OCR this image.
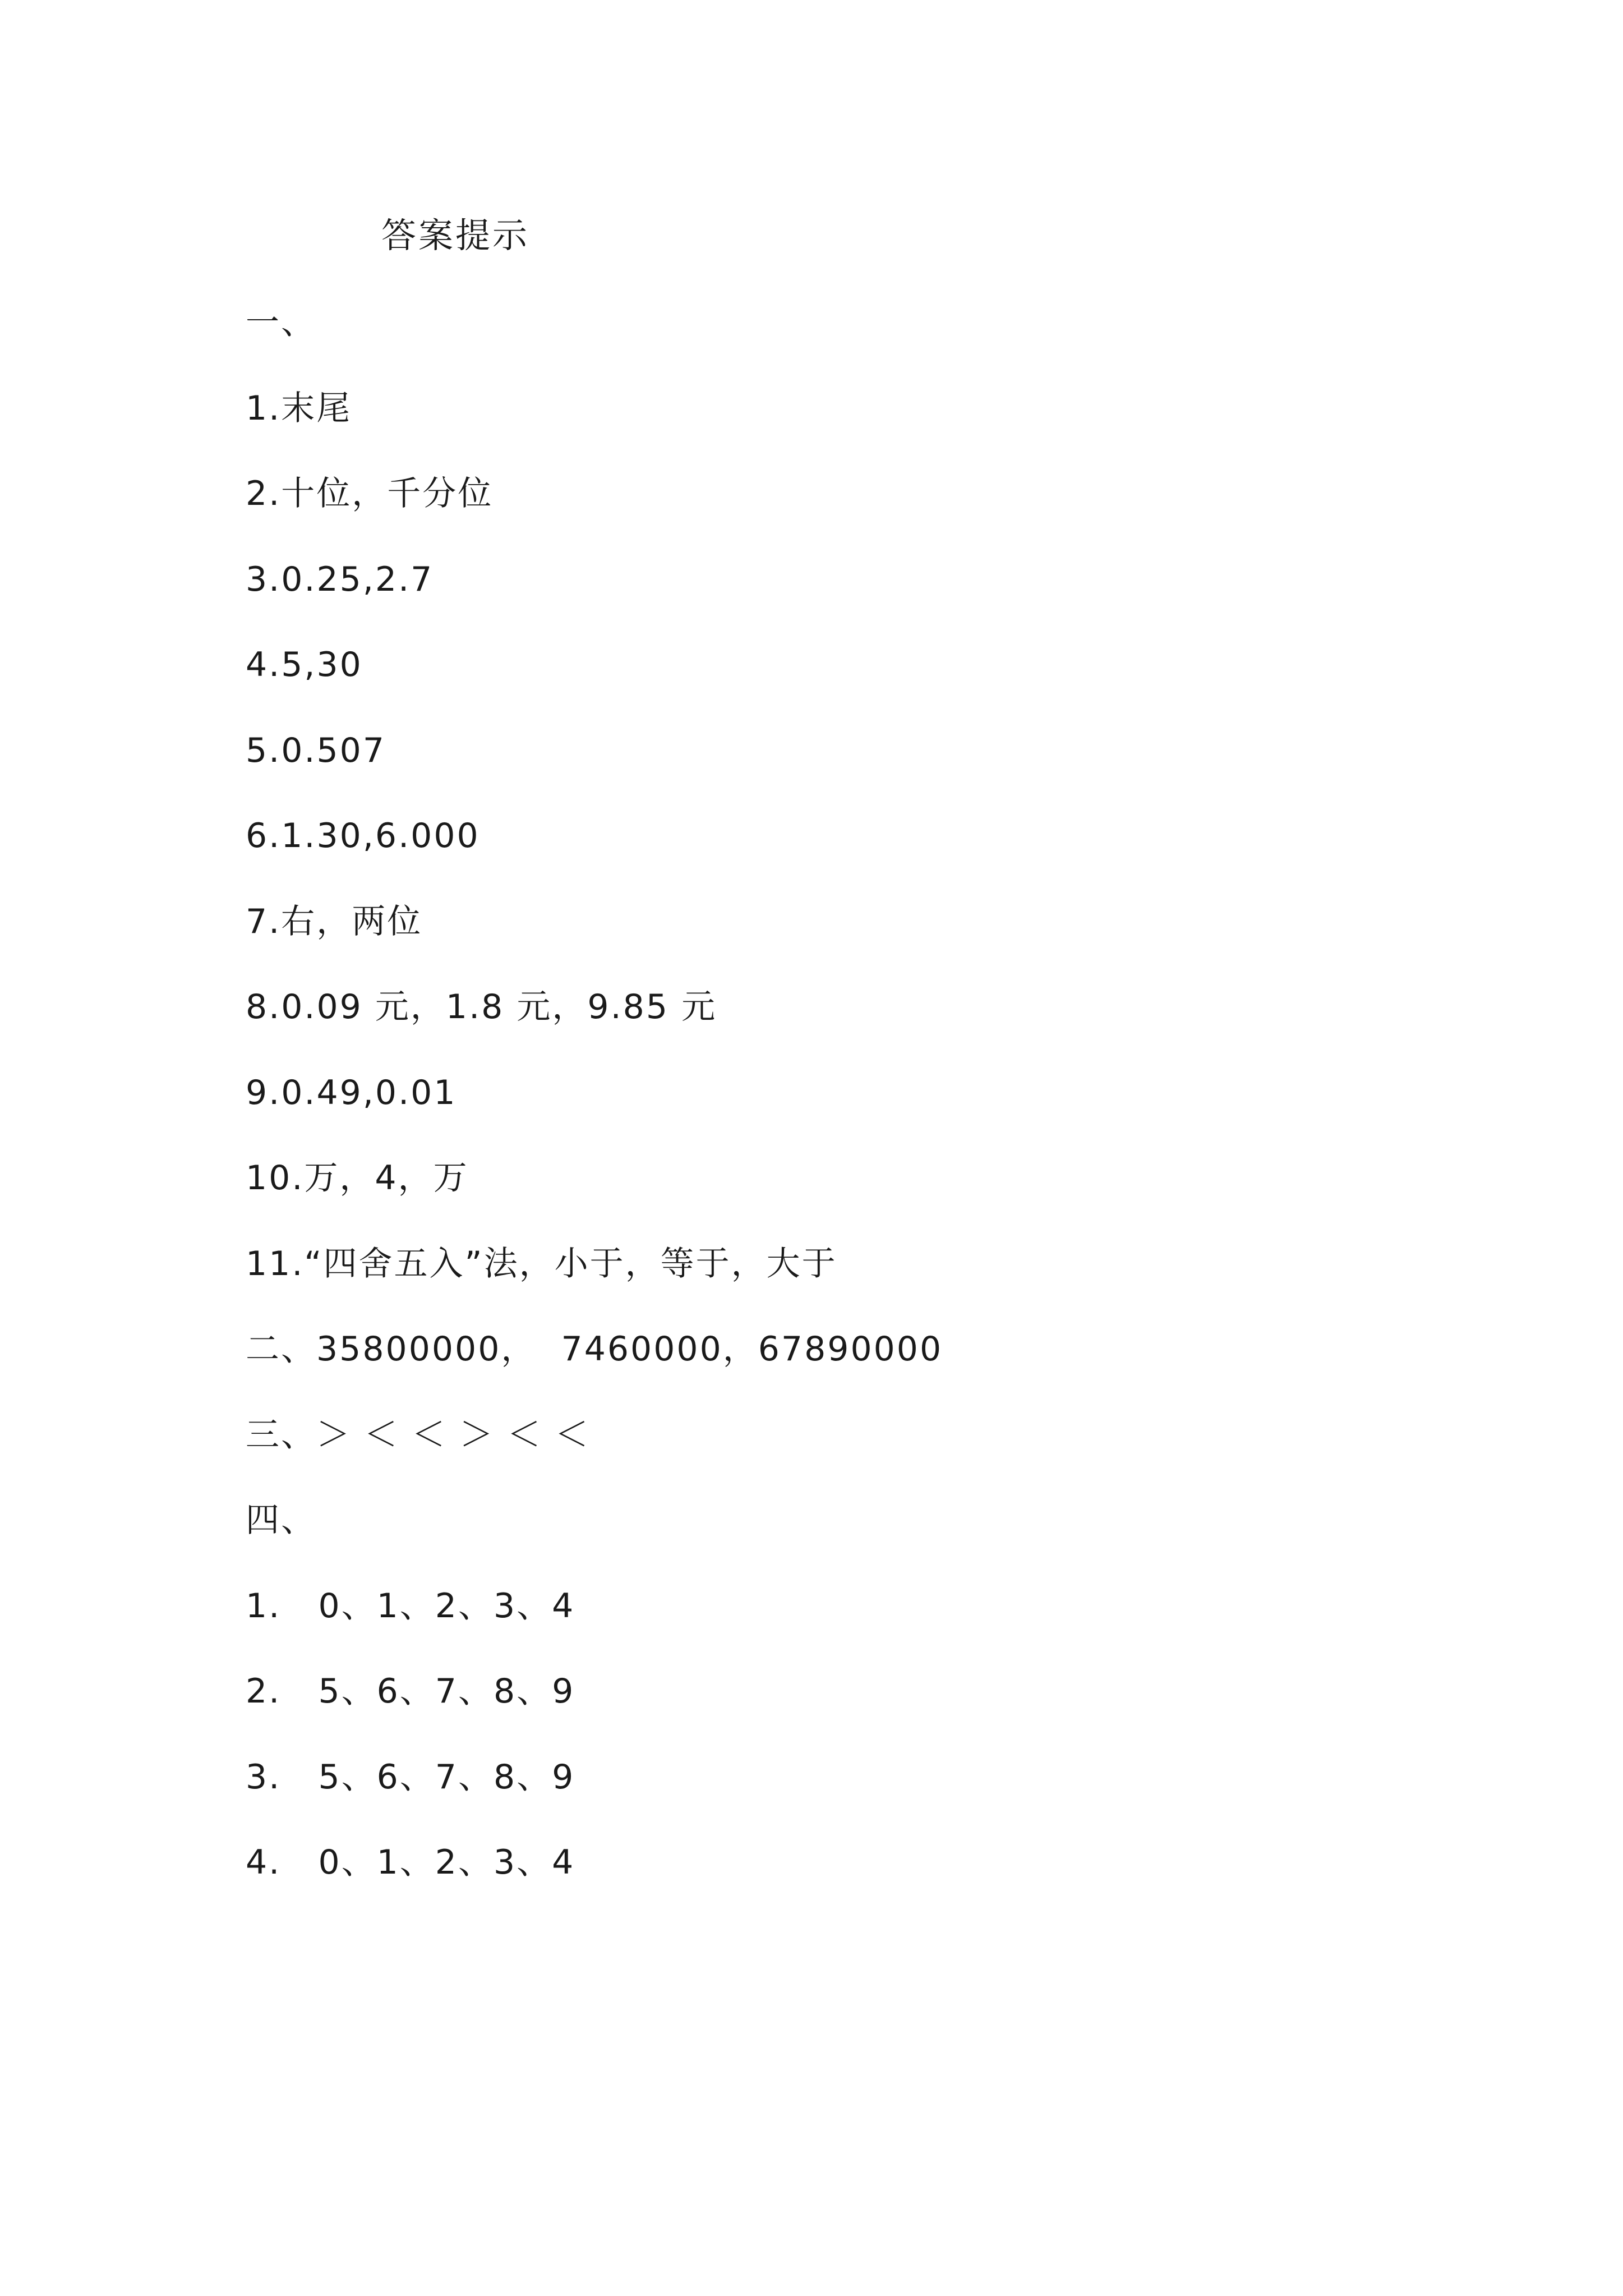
答案提示
一、
1.末尾
2.十位，千分位
3.0.25,2.7
4.5,30
5.0.507
6.1.30,6.000
7.右，两位
8.0.09 元，1.8 元，9.85 元
9.0.49,0.01
10.万，4，万
11.“四舍五入”法，小于，等于，大于
二、35800000，  7460000，67890000
三、＞ ＜ ＜ ＞ ＜ ＜
四、
1.   0、1、2、3、4
2.   5、6、7、8、9
3.   5、6、7、8、9
4.   0、1、2、3、4
